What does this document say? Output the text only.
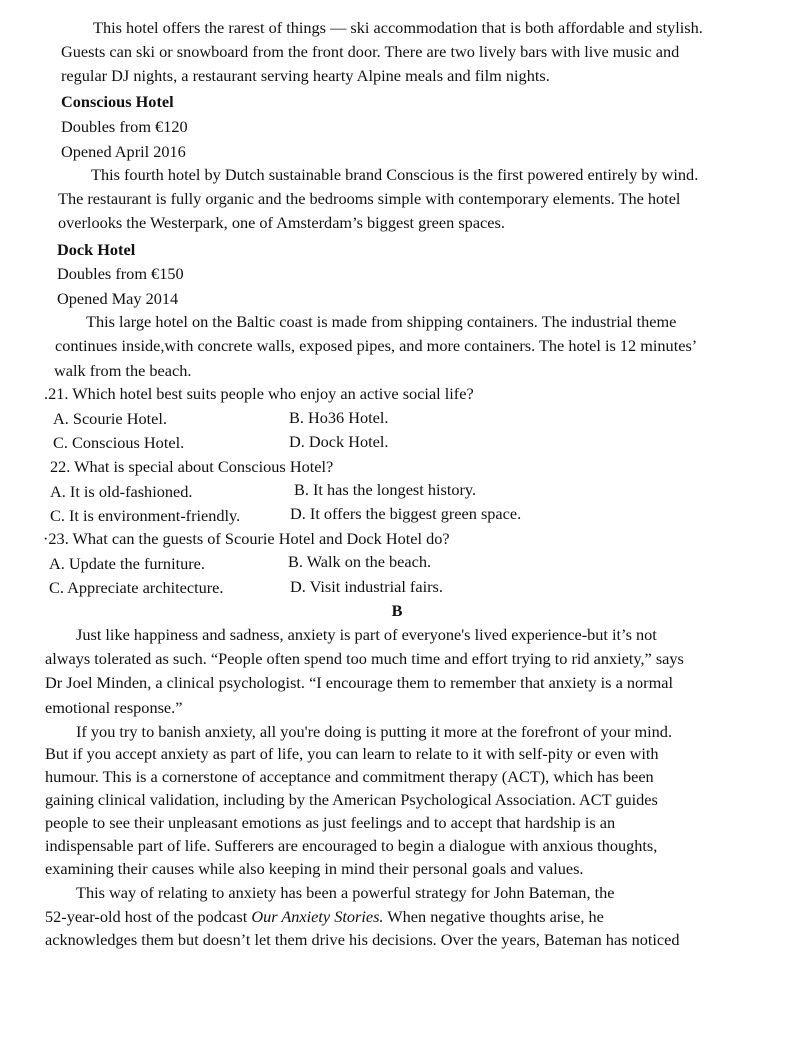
This hotel offers the rarest of things — ski accommodation that is both affordable and stylish.
Guests can ski or snowboard from the front door. There are two lively bars with live music and
regular DJ nights, a restaurant serving hearty Alpine meals and film nights.
Conscious Hotel
Doubles from €120
Opened April 2016
This fourth hotel by Dutch sustainable brand Conscious is the first powered entirely by wind.
The restaurant is fully organic and the bedrooms simple with contemporary elements. The hotel
overlooks the Westerpark, one of Amsterdam’s biggest green spaces.
Dock Hotel
Doubles from €150
Opened May 2014
This large hotel on the Baltic coast is made from shipping containers. The industrial theme
continues inside,with concrete walls, exposed pipes, and more containers. The hotel is 12 minutes’
walk from the beach.
.21. Which hotel best suits people who enjoy an active social life?
A. Scourie Hotel.	B. Ho36 Hotel.
C. Conscious Hotel.	D. Dock Hotel.
22. What is special about Conscious Hotel?
A. It is old-fashioned.	B. It has the longest history.
C. It is environment-friendly.	D. It offers the biggest green space.
·23. What can the guests of Scourie Hotel and Dock Hotel do?
A. Update the furniture.	B. Walk on the beach.
C. Appreciate architecture.	D. Visit industrial fairs.
B
Just like happiness and sadness, anxiety is part of everyone's lived experience-but it’s not
always tolerated as such. “People often spend too much time and effort trying to rid anxiety,” says
Dr Joel Minden, a clinical psychologist. “I encourage them to remember that anxiety is a normal
emotional response.”
If you try to banish anxiety, all you're doing is putting it more at the forefront of your mind.
But if you accept anxiety as part of life, you can learn to relate to it with self-pity or even with
humour. This is a cornerstone of acceptance and commitment therapy (ACT), which has been
gaining clinical validation, including by the American Psychological Association. ACT guides
people to see their unpleasant emotions as just feelings and to accept that hardship is an
indispensable part of life. Sufferers are encouraged to begin a dialogue with anxious thoughts,
examining their causes while also keeping in mind their personal goals and values.
This way of relating to anxiety has been a powerful strategy for John Bateman, the
52-year-old host of the podcast Our Anxiety Stories. When negative thoughts arise, he
acknowledges them but doesn’t let them drive his decisions. Over the years, Bateman has noticed
